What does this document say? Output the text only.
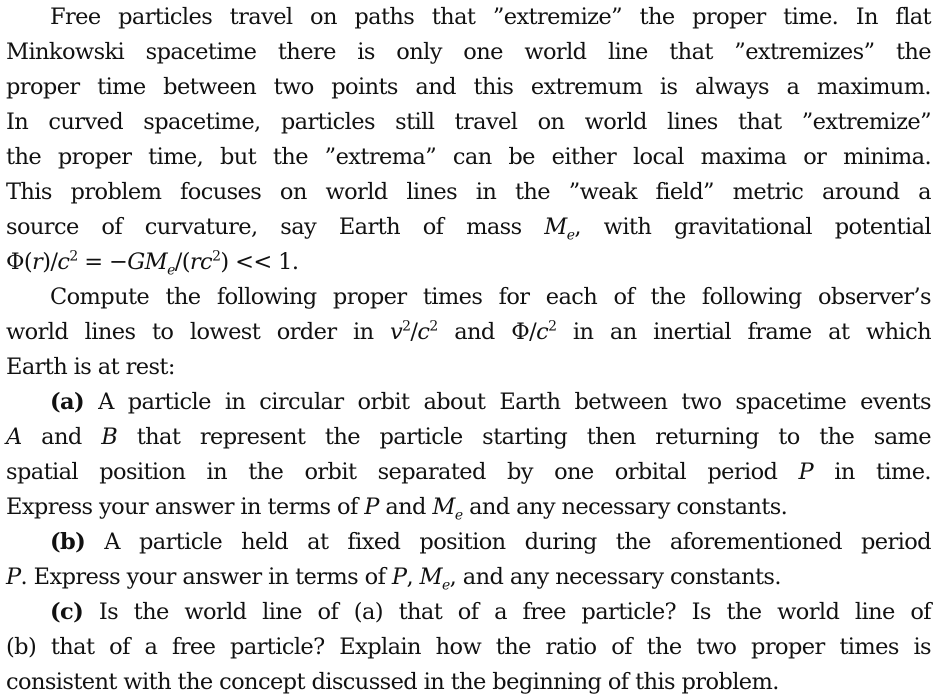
Free particles travel on paths that ”extremize” the proper time. In flat
Minkowski spacetime there is only one world line that ”extremizes” the
proper time between two points and this extremum is always a maximum.
In curved spacetime, particles still travel on world lines that ”extremize”
the proper time, but the ”extrema” can be either local maxima or minima.
This problem focuses on world lines in the ”weak field” metric around a
source of curvature, say Earth of mass $M_e$, with gravitational potential
$\Phi(r)/c^2 = -GM_e/(rc^2) << 1$.
Compute the following proper times for each of the following observer’s
world lines to lowest order in $v^2/c^2$ and $\Phi/c^2$ in an inertial frame at which
Earth is at rest:
(a) A particle in circular orbit about Earth between two spacetime events
A and B that represent the particle starting then returning to the same
spatial position in the orbit separated by one orbital period P in time.
Express your answer in terms of P and $M_e$ and any necessary constants.
(b) A particle held at fixed position during the aforementioned period
P. Express your answer in terms of P, $M_e$, and any necessary constants.
(c) Is the world line of (a) that of a free particle? Is the world line of
(b) that of a free particle? Explain how the ratio of the two proper times is
consistent with the concept discussed in the beginning of this problem.
